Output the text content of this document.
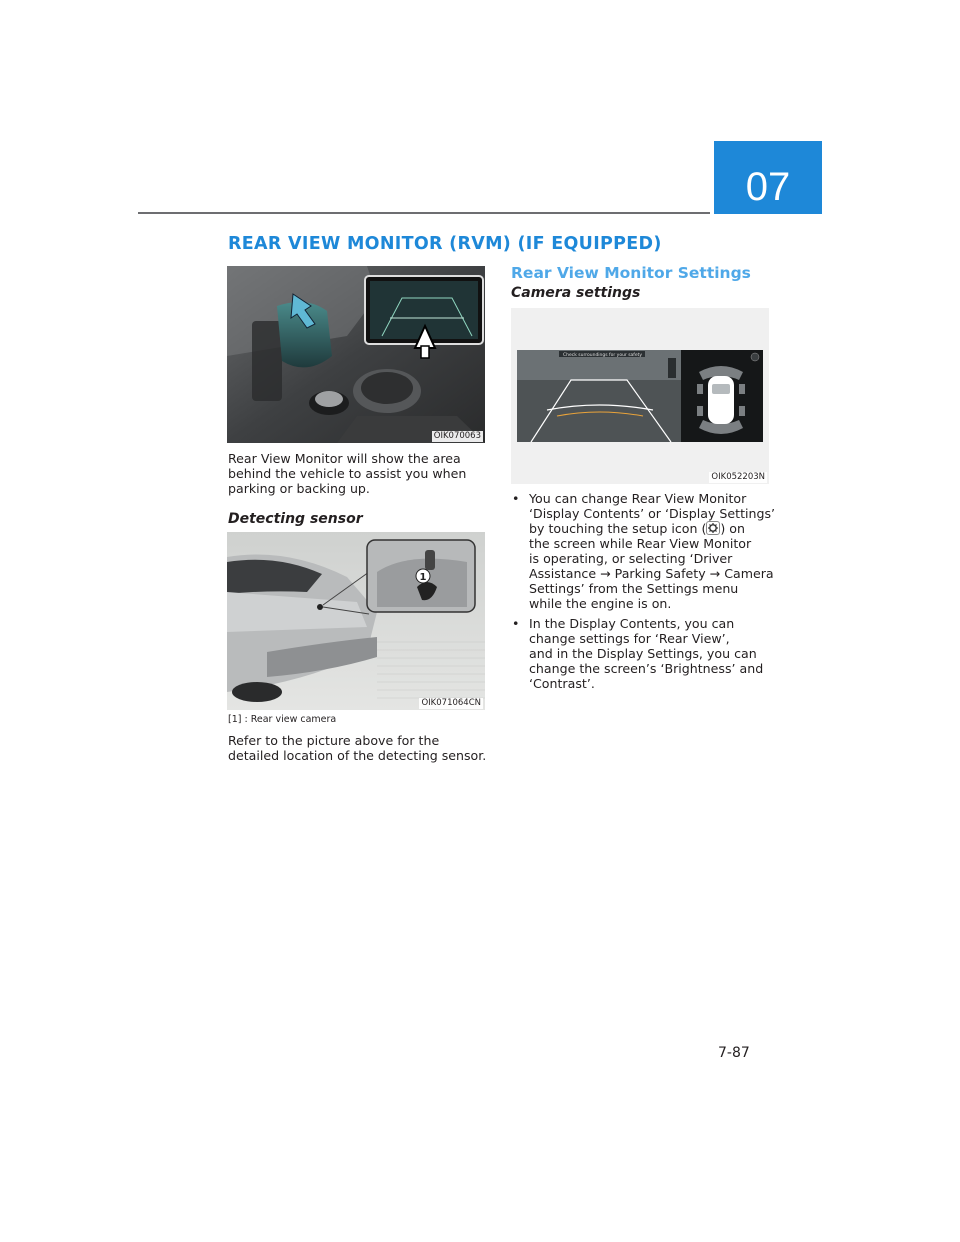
07
REAR VIEW MONITOR (RVM) (IF EQUIPPED)
OIK070063
Rear View Monitor will show the area
behind the vehicle to assist you when
parking or backing up.
Detecting sensor
1
OIK071064CN
[1] : Rear view camera
Refer to the picture above for the
detailed location of the detecting sensor.
Rear View Monitor Settings
Camera settings
Check surroundings for your safety
OIK052203N
• You can change Rear View Monitor
‘Display Contents’ or ‘Display Settings’
by touching the setup icon ( ) on
the screen while Rear View Monitor
is operating, or selecting ‘Driver
Assistance → Parking Safety → Camera
Settings’ from the Settings menu
while the engine is on.
• In the Display Contents, you can
change settings for ‘Rear View’,
and in the Display Settings, you can
change the screen’s ‘Brightness’ and
‘Contrast’.
7-87
